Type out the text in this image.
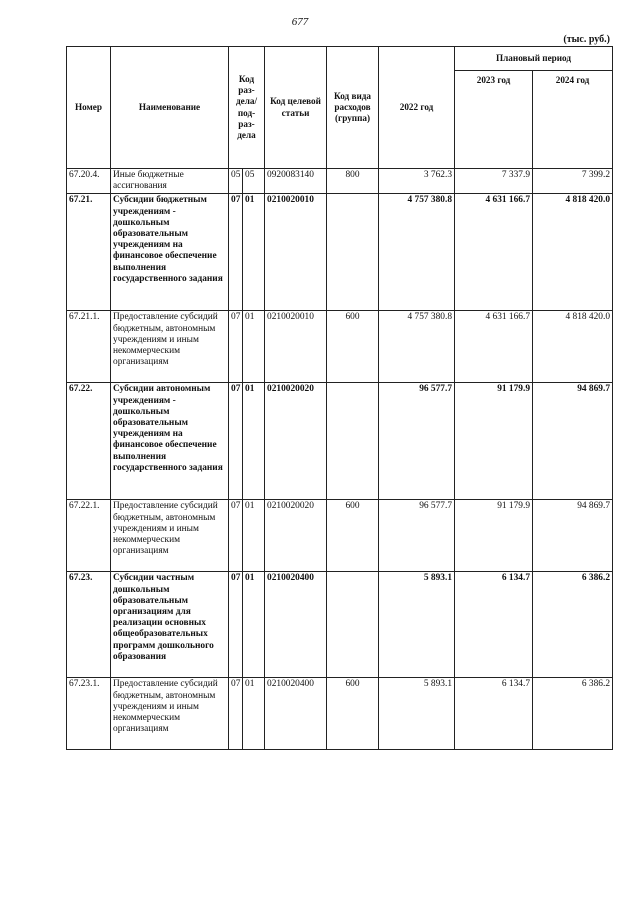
677
(тыс. руб.)
Номер	Наименование	Код раз-дела/ под-раз-дела		Код целевой статьи	Код вида расходов (группа)	2022 год	Плановый период	
							2023 год	2024 год
67.20.4.	Иные бюджетные ассигнования	05	05	0920083140	800	3 762.3	7 337.9	7 399.2
67.21.	Субсидии бюджетным учреждениям - дошкольным образовательным учреждениям на финансовое обеспечение выполнения государственного задания	07	01	0210020010		4 757 380.8	4 631 166.7	4 818 420.0
67.21.1.	Предоставление субсидий бюджетным, автономным учреждениям и иным некоммерческим организациям	07	01	0210020010	600	4 757 380.8	4 631 166.7	4 818 420.0
67.22.	Субсидии автономным учреждениям - дошкольным образовательным учреждениям на финансовое обеспечение выполнения государственного задания	07	01	0210020020		96 577.7	91 179.9	94 869.7
67.22.1.	Предоставление субсидий бюджетным, автономным учреждениям и иным некоммерческим организациям	07	01	0210020020	600	96 577.7	91 179.9	94 869.7
67.23.	Субсидии частным дошкольным образовательным организациям для реализации основных общеобразовательных программ дошкольного образования	07	01	0210020400		5 893.1	6 134.7	6 386.2
67.23.1.	Предоставление субсидий бюджетным, автономным учреждениям и иным некоммерческим организациям	07	01	0210020400	600	5 893.1	6 134.7	6 386.2
